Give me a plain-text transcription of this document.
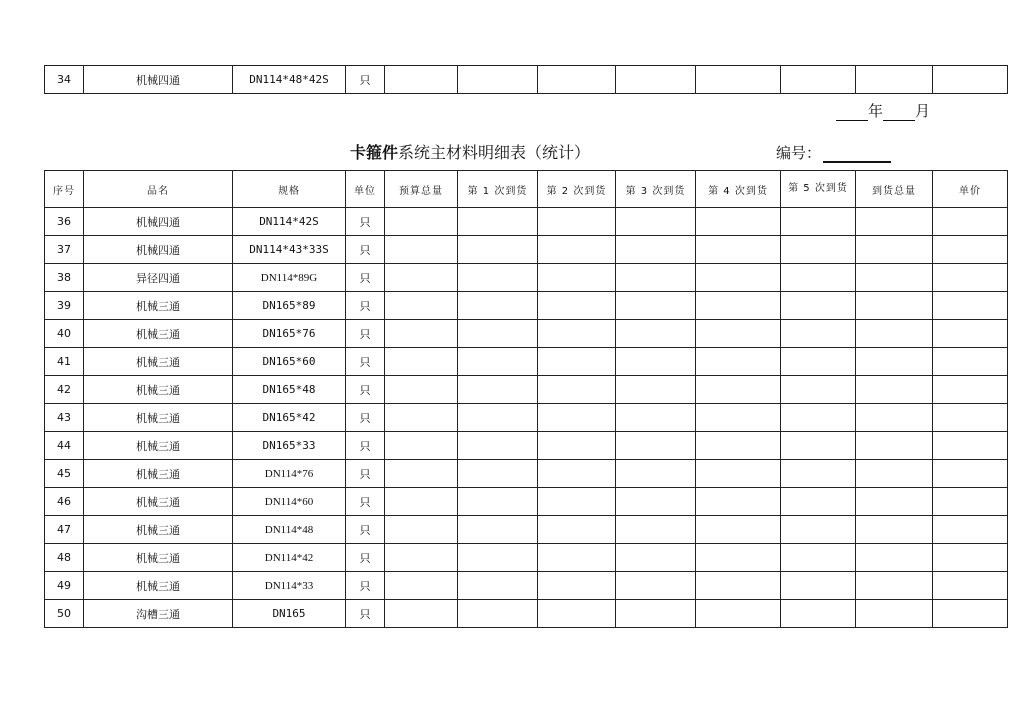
34	机械四通	DN114*48*42S	只								
年 月
卡箍件系统主材料明细表（统计）	编号：
序号	品名	规格	单位	预算总量	第 1 次到货	第 2 次到货	第 3 次到货	第 4 次到货	第 5 次到货	到货总量	单价
36	机械四通	DN114*42S	只								
37	机械四通	DN114*43*33S	只								
38	异径四通	DN114*89G	只								
39	机械三通	DN165*89	只								
40	机械三通	DN165*76	只								
41	机械三通	DN165*60	只								
42	机械三通	DN165*48	只								
43	机械三通	DN165*42	只								
44	机械三通	DN165*33	只								
45	机械三通	DN114*76	只								
46	机械三通	DN114*60	只								
47	机械三通	DN114*48	只								
48	机械三通	DN114*42	只								
49	机械三通	DN114*33	只								
50	沟槽三通	DN165	只								
